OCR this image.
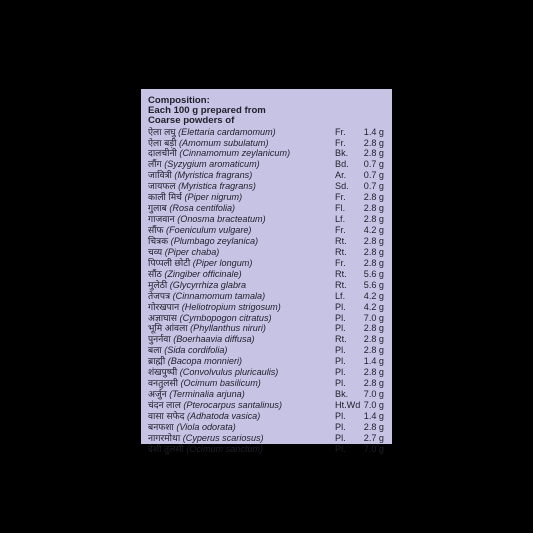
Composition:

Each 100 g prepared from

Coarse powders of

ऐला लघु (Elettaria cardamomum)	Fr.	1.4 g
ऐला बड़ी (Amomum subulatum)	Fr.	2.8 g
दालचीनी (Cinnamomum zeylanicum)	Bk.	2.8 g
लौंग (Syzygium aromaticum)	Bd.	0.7 g
जावित्री (Myristica fragrans)	Ar.	0.7 g
जायफल (Myristica fragrans)	Sd.	0.7 g
काली मिर्च (Piper nigrum)	Fr.	2.8 g
गुलाब (Rosa centifolia)	Fl.	2.8 g
गाजवान (Onosma bracteatum)	Lf.	2.8 g
सौंफ (Foeniculum vulgare)	Fr.	4.2 g
चित्रक (Plumbago zeylanica)	Rt.	2.8 g
चव्य (Piper chaba)	Rt.	2.8 g
पिप्पली छोटी (Piper longum)	Fr.	2.8 g
सौंठ (Zingiber officinale)	Rt.	5.6 g
मुलेठी (Glycyrrhiza glabra	Rt.	5.6 g
तेजपत्र (Cinnamomum tamala)	Lf.	4.2 g
गोरखपान (Heliotropium strigosum)	Pl.	4.2 g
अज्ञाघास (Cymbopogon citratus)	Pl.	7.0 g
भूमि आंवला (Phyllanthus niruri)	Pl.	2.8 g
पुनर्नवा (Boerhaavia diffusa)	Rt.	2.8 g
बला (Sida cordifolia)	Pl.	2.8 g
ब्राह्मी (Bacopa monnieri)	Pl.	1.4 g
शंखपुष्पी (Convolvulus pluricaulis)	Pl.	2.8 g
वनतुलसी (Ocimum basilicum)	Pl.	2.8 g
अर्जुन (Terminalia arjuna)	Bk.	7.0 g
चंदन लाल (Pterocarpus santalinus)	Ht.Wd 7.0 g
वासा सफेद (Adhatoda vasica)	Pl.	1.4 g
बनफशा (Viola odorata)	Pl.	2.8 g
नागरमोथा (Cyperus scariosus)	Pl.	2.7 g
देशी तुलसी (Ocimum sanctum)	Pl.	7.0 g
